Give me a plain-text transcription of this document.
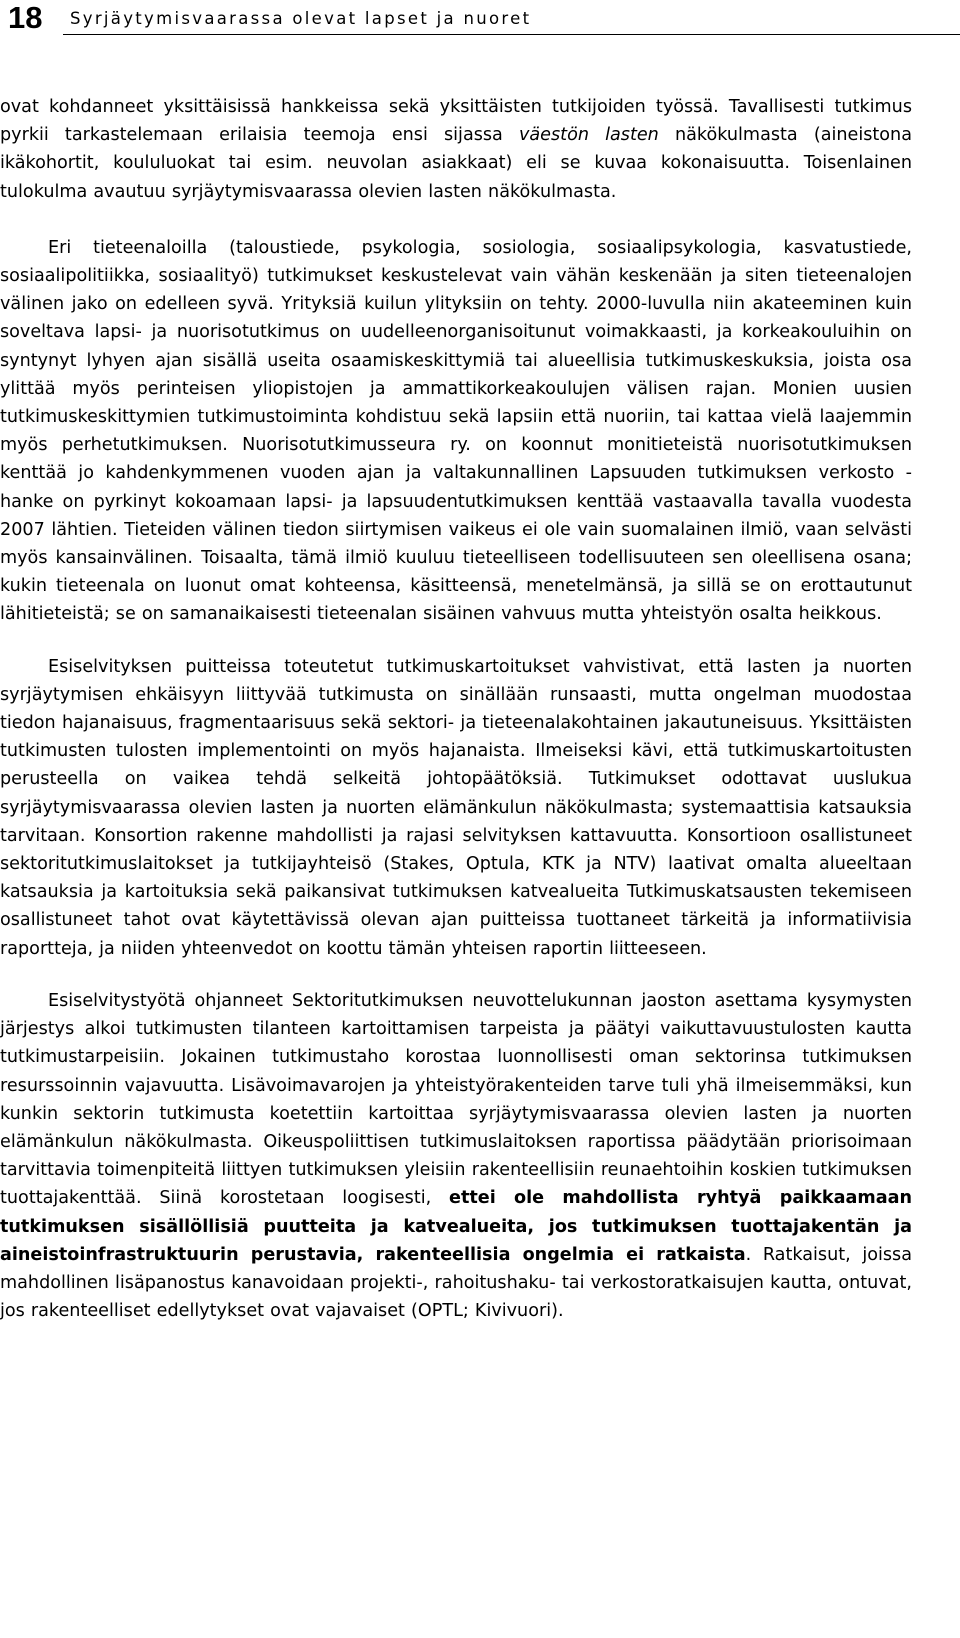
18 Syrjäytymisvaarassa olevat lapset ja nuoret

ovat kohdanneet yksittäisissä hankkeissa sekä yksittäisten tutkijoiden työssä. Tavallisesti tutkimus pyrkii tarkastelemaan erilaisia teemoja ensi sijassa väestön lasten näkökulmasta (aineistona ikäkohortit, koululuokat tai esim. neuvolan asiakkaat) eli se kuvaa kokonaisuutta. Toisenlainen tulokulma avautuu syrjäytymisvaarassa olevien lasten näkökulmasta.

Eri tieteenaloilla (taloustiede, psykologia, sosiologia, sosiaalipsykologia, kasvatustiede, sosiaalipolitiikka, sosiaalityö) tutkimukset keskustelevat vain vähän keskenään ja siten tieteenalojen välinen jako on edelleen syvä. Yrityksiä kuilun ylityksiin on tehty. 2000-luvulla niin akateeminen kuin soveltava lapsi- ja nuorisotutkimus on uudelleenorganisoitunut voimakkaasti, ja korkeakouluihin on syntynyt lyhyen ajan sisällä useita osaamiskeskittymiä tai alueellisia tutkimuskeskuksia, joista osa ylittää myös perinteisen yliopistojen ja ammattikorkeakoulujen välisen rajan. Monien uusien tutkimuskeskittymien tutkimustoiminta kohdistuu sekä lapsiin että nuoriin, tai kattaa vielä laajemmin myös perhetutkimuksen. Nuorisotutkimusseura ry. on koonnut monitieteistä nuorisotutkimuksen kenttää jo kahdenkymmenen vuoden ajan ja valtakunnallinen Lapsuuden tutkimuksen verkosto -hanke on pyrkinyt kokoamaan lapsi- ja lapsuudentutkimuksen kenttää vastaavalla tavalla vuodesta 2007 lähtien. Tieteiden välinen tiedon siirtymisen vaikeus ei ole vain suomalainen ilmiö, vaan selvästi myös kansainvälinen. Toisaalta, tämä ilmiö kuuluu tieteelliseen todellisuuteen sen oleellisena osana; kukin tieteenala on luonut omat kohteensa, käsitteensä, menetelmänsä, ja sillä se on erottautunut lähitieteistä; se on samanaikaisesti tieteenalan sisäinen vahvuus mutta yhteistyön osalta heikkous.

Esiselvityksen puitteissa toteutetut tutkimuskartoitukset vahvistivat, että lasten ja nuorten syrjäytymisen ehkäisyyn liittyvää tutkimusta on sinällään runsaasti, mutta ongelman muodostaa tiedon hajanaisuus, fragmentaarisuus sekä sektori- ja tieteenalakohtainen jakautuneisuus. Yksittäisten tutkimusten tulosten implementointi on myös hajanaista. Ilmeiseksi kävi, että tutkimuskartoitusten perusteella on vaikea tehdä selkeitä johtopäätöksiä. Tutkimukset odottavat uuslukua syrjäytymisvaarassa olevien lasten ja nuorten elämänkulun näkökulmasta; systemaattisia katsauksia tarvitaan. Konsortion rakenne mahdollisti ja rajasi selvityksen kattavuutta. Konsortioon osallistuneet sektoritutkimuslaitokset ja tutkijayhteisö (Stakes, Optula, KTK ja NTV) laativat omalta alueeltaan katsauksia ja kartoituksia sekä paikansivat tutkimuksen katvealueita Tutkimuskatsausten tekemiseen osallistuneet tahot ovat käytettävissä olevan ajan puitteissa tuottaneet tärkeitä ja informatiivisia raportteja, ja niiden yhteenvedot on koottu tämän yhteisen raportin liitteeseen.

Esiselvitystyötä ohjanneet Sektoritutkimuksen neuvottelukunnan jaoston asettama kysymysten järjestys alkoi tutkimusten tilanteen kartoittamisen tarpeista ja päätyi vaikuttavuustulosten kautta tutkimustarpeisiin. Jokainen tutkimustaho korostaa luonnollisesti oman sektorinsa tutkimuksen resurssoinnin vajavuutta. Lisävoimavarojen ja yhteistyörakenteiden tarve tuli yhä ilmeisemmäksi, kun kunkin sektorin tutkimusta koetettiin kartoittaa syrjäytymisvaarassa olevien lasten ja nuorten elämänkulun näkökulmasta. Oikeuspoliittisen tutkimuslaitoksen raportissa päädytään priorisoimaan tarvittavia toimenpiteitä liittyen tutkimuksen yleisiin rakenteellisiin reunaehtoihin koskien tutkimuksen tuottajakenttää. Siinä korostetaan loogisesti, ettei ole mahdollista ryhtyä paikkaamaan tutkimuksen sisällöllisiä puutteita ja katvealueita, jos tutkimuksen tuottajakentän ja aineistoinfrastruktuurin perustavia, rakenteellisia ongelmia ei ratkaista. Ratkaisut, joissa mahdollinen lisäpanostus kanavoidaan projekti-, rahoitushaku- tai verkostoratkaisujen kautta, ontuvat, jos rakenteelliset edellytykset ovat vajavaiset (OPTL; Kivivuori).
